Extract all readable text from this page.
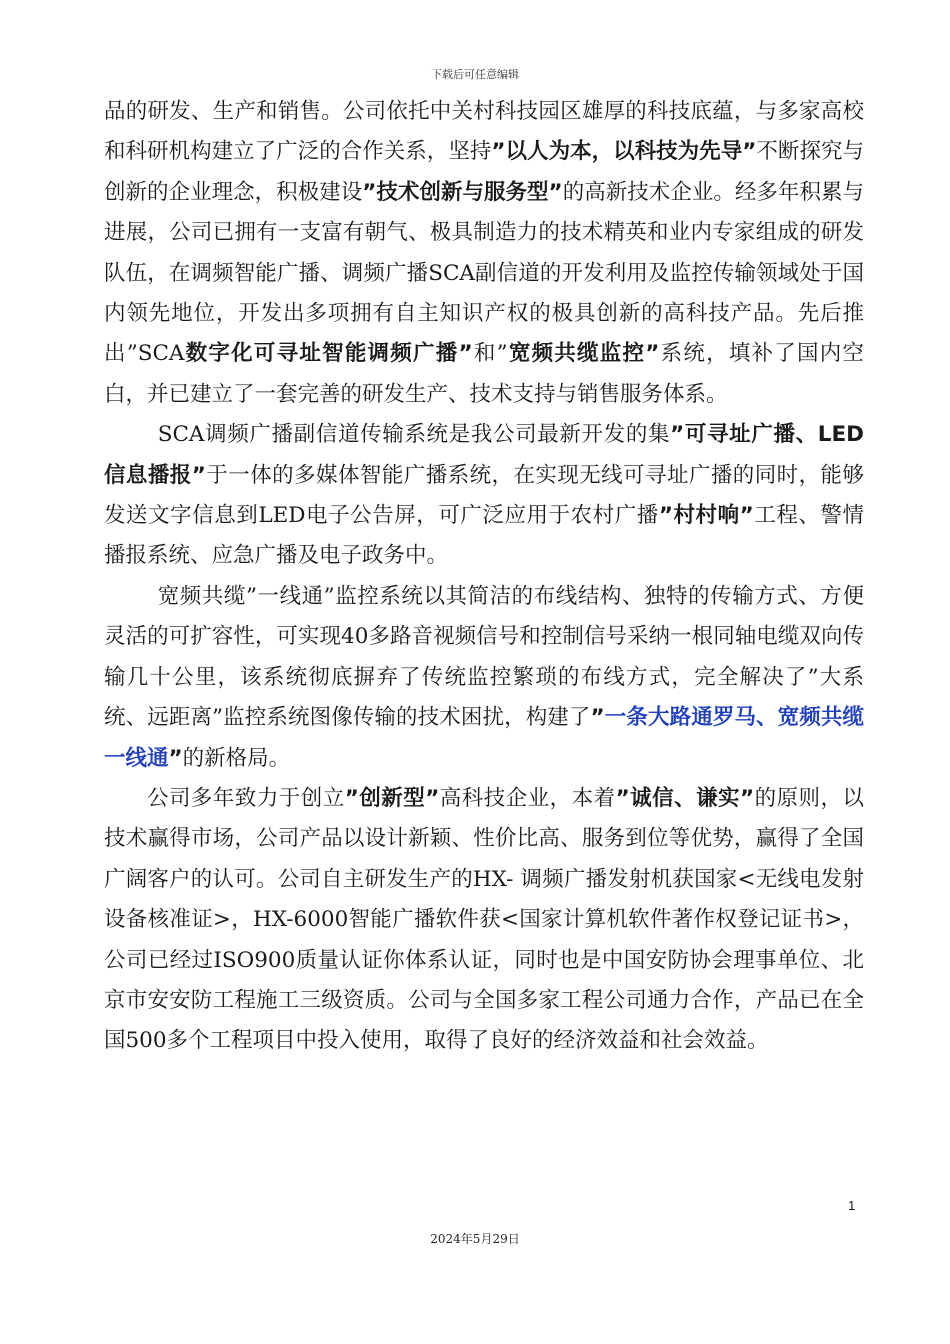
下载后可任意编辑

品的研发、生产和销售。公司依托中关村科技园区雄厚的科技底蕴，与多家高校和科研机构建立了广泛的合作关系，坚持”以人为本，以科技为先导”不断探究与创新的企业理念，积极建设”技术创新与服务型”的高新技术企业。经多年积累与进展，公司已拥有一支富有朝气、极具制造力的技术精英和业内专家组成的研发队伍，在调频智能广播、调频广播SCA副信道的开发利用及监控传输领域处于国内领先地位，开发出多项拥有自主知识产权的极具创新的高科技产品。先后推出”SCA数字化可寻址智能调频广播”和”宽频共缆监控”系统，填补了国内空白，并已建立了一套完善的研发生产、技术支持与销售服务体系。

SCA调频广播副信道传输系统是我公司最新开发的集”可寻址广播、LED信息播报”于一体的多媒体智能广播系统，在实现无线可寻址广播的同时，能够发送文字信息到LED电子公告屏，可广泛应用于农村广播”村村响”工程、警情播报系统、应急广播及电子政务中。

宽频共缆”一线通”监控系统以其简洁的布线结构、独特的传输方式、方便灵活的可扩容性，可实现40多路音视频信号和控制信号采纳一根同轴电缆双向传输几十公里，该系统彻底摒弃了传统监控繁琐的布线方式，完全解决了”大系统、远距离”监控系统图像传输的技术困扰，构建了”一条大路通罗马、宽频共缆一线通”的新格局。

公司多年致力于创立”创新型”高科技企业，本着”诚信、谦实”的原则，以技术赢得市场，公司产品以设计新颖、性价比高、服务到位等优势，赢得了全国广阔客户的认可。公司自主研发生产的HX- 调频广播发射机获国家<无线电发射设备核准证>，HX-6000智能广播软件获<国家计算机软件著作权登记证书>，公司已经过ISO900质量认证你体系认证，同时也是中国安防协会理事单位、北京市安安防工程施工三级资质。公司与全国多家工程公司通力合作，产品已在全国500多个工程项目中投入使用，取得了良好的经济效益和社会效益。

1
2024年5月29日
